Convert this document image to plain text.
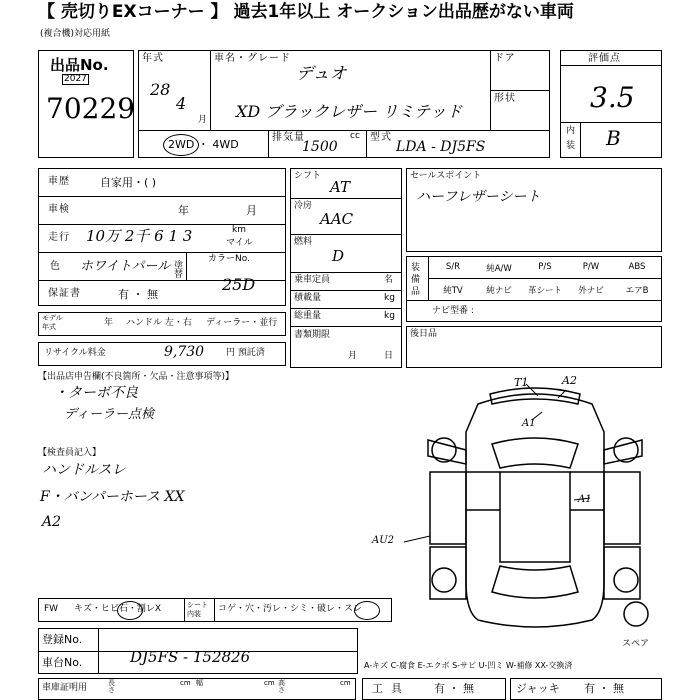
【 売切りEXコーナー 】 過去1年以上 オークション出品歴がない車両
(複合機)対応用紙
出品No.
2027
70229
年式
28
4
月
車名・グレード
デュオ
XD ブラックレザー リミテッド
ドア
形状
2WD ・ 4WD
排気量	cc
1500
型式
LDA - DJ5FS
評価点
3.5
内
装 B
車歴	自家用・( )
車検	年	月
走行 10万 2千 6 1 3	km
マイル
色 ホワイトパール 塗替
カラーNo.
25D
保証書	有 ・ 無
モデル年式	年 ハンドル 左・右 ディーラー・並行
リサイクル料金	9,730 円 預託済
シフト
AT
冷房
AAC
燃料
D
乗車定員	名
積載量	kg
総重量	kg
書類期限
月	日
セールスポイント
ハーフレザーシート
装備品
S/R	純A/W	P/S	P/W	ABS
純TV	純ナビ	革シート	外ナビ	エアB
ナビ型番 :
後日品
【出品店申告欄(不良箇所・欠品・注意事項等)】
・ターボ不良
ディーラー点検
【検査員記入】
ハンドルスレ
F・バンパーホース XX
A2
T1	A2
A1
A1
AU2
スペア
FW キズ・ヒビ石・割レX	シート内装	コゲ・穴・汚レ・シミ・破レ・スレ
登録No.
車台No.	DJ5FS - 152826	A-キズ C-腐食 E-エクボ S-サビ U-凹ミ W-補修 XX-交換済
車庫証明用	長さ
cm 幅	cm 高さ
cm 工具 有 ・ 無	ジャッキ 有 ・ 無
